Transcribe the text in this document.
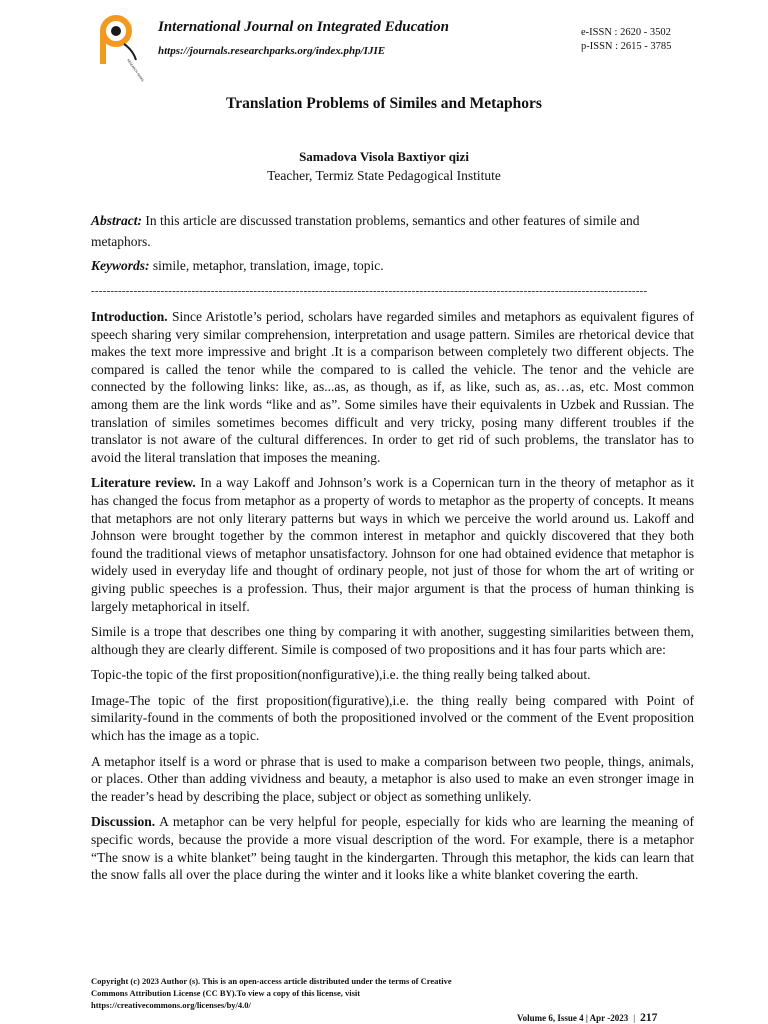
RESEARCH PARKS
International Journal on Integrated Education
https://journals.researchparks.org/index.php/IJIE
e-ISSN : 2620 - 3502
p-ISSN : 2615 - 3785
Translation Problems of Similes and Metaphors
Samadova Visola Baxtiyor qizi
Teacher, Termiz State Pedagogical Institute
Abstract: In this article are discussed transtation problems, semantics and other features of simile and metaphors.
Keywords: simile, metaphor, translation, image, topic.
------------------------------------------------------------------------------------------------------------------------------------------------

Introduction. Since Aristotle’s period, scholars have regarded similes and metaphors as equivalent figures of speech sharing very similar comprehension, interpretation and usage pattern. Similes are rhetorical device that makes the text more impressive and bright .It is a comparison between completely two different objects. The compared is called the tenor while the compared to is called the vehicle. The tenor and the vehicle are connected by the following links: like, as...as, as though, as if, as like, such as, as…as, etc. Most common among them are the link words “like and as”. Some similes have their equivalents in Uzbek and Russian. The translation of similes sometimes becomes difficult and very tricky, posing many different troubles if the translator is not aware of the cultural differences. In order to get rid of such problems, the translator has to avoid the literal translation that imposes the meaning.

Literature review. In a way Lakoff and Johnson’s work is a Copernican turn in the theory of metaphor as it has changed the focus from metaphor as a property of words to metaphor as the property of concepts. It means that metaphors are not only literary patterns but ways in which we perceive the world around us. Lakoff and Johnson were brought together by the common interest in metaphor and quickly discovered that they both found the traditional views of metaphor unsatisfactory. Johnson for one had obtained evidence that metaphor is widely used in everyday life and thought of ordinary people, not just of those for whom the art of writing or giving public speeches is a profession. Thus, their major argument is that the process of human thinking is largely metaphorical in itself.

Simile is a trope that describes one thing by comparing it with another, suggesting similarities between them, although they are clearly different. Simile is composed of two propositions and it has four parts which are:

Topic-the topic of the first proposition(nonfigurative),i.e. the thing really being talked about.

Image-The topic of the first proposition(figurative),i.e. the thing really being compared with Point of similarity-found in the comments of both the propositioned involved or the comment of the Event proposition which has the image as a topic.

A metaphor itself is a word or phrase that is used to make a comparison between two people, things, animals, or places. Other than adding vividness and beauty, a metaphor is also used to make an even stronger image in the reader’s head by describing the place, subject or object as something unlikely.

Discussion. A metaphor can be very helpful for people, especially for kids who are learning the meaning of specific words, because the provide a more visual description of the word. For example, there is a metaphor “The snow is a white blanket” being taught in the kindergarten. Through this metaphor, the kids can learn that the snow falls all over the place during the winter and it looks like a white blanket covering the earth.

Copyright (c) 2023 Author (s). This is an open-access article distributed under the terms of Creative Commons Attribution License (CC BY).To view a copy of this license, visit https://creativecommons.org/licenses/by/4.0/
Volume 6, Issue 4 | Apr -2023 | 217
